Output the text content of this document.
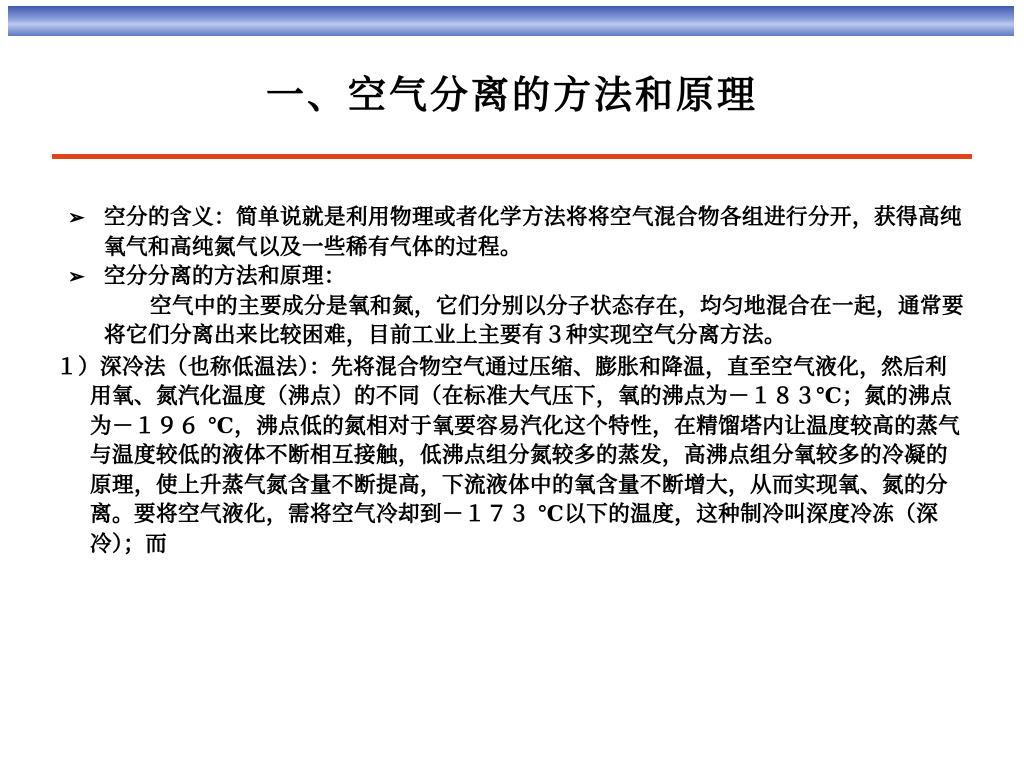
一、空气分离的方法和原理
➢ 空分的含义：简单说就是利用物理或者化学方法将将空气混合物各组进行分开，获得高纯氧气和高纯氮气以及一些稀有气体的过程。
➢ 空分分离的方法和原理：
空气中的主要成分是氧和氮，它们分别以分子状态存在，均匀地混合在一起，通常要将它们分离出来比较困难，目前工业上主要有３种实现空气分离方法。
１）深冷法（也称低温法）：先将混合物空气通过压缩、膨胀和降温，直至空气液化，然后利用氧、氮汽化温度（沸点）的不同（在标准大气压下，氧的沸点为－１８３℃；氮的沸点为－１９６ ℃，沸点低的氮相对于氧要容易汽化这个特性，在精馏塔内让温度较高的蒸气与温度较低的液体不断相互接触，低沸点组分氮较多的蒸发，高沸点组分氧较多的冷凝的原理，使上升蒸气氮含量不断提高，下流液体中的氧含量不断增大，从而实现氧、氮的分离。要将空气液化，需将空气冷却到－１７３ ℃以下的温度，这种制冷叫深度冷冻（深冷）；而
